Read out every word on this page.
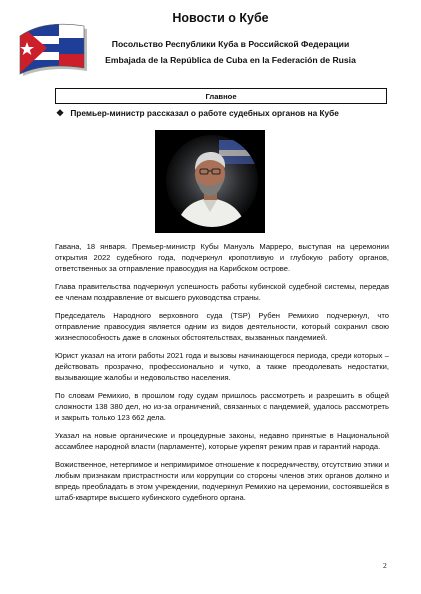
Новости о Кубе
Посольство Республики Куба в Российской Федерации
Embajada de la República de Cuba en la Federación de Rusia
Главное
❖ Премьер-министр рассказал о работе судебных органов на Кубе

Гавана, 18 января. Премьер-министр Кубы Мануэль Марреро, выступая на церемонии открытия 2022 судебного года, подчеркнул кропотливую и глубокую работу органов, ответственных за отправление правосудия на Карибском острове.

Глава правительства подчеркнул успешность работы кубинской судебной системы, передав ее членам поздравление от высшего руководства страны.

Председатель Народного верховного суда (TSP) Рубен Ремихио подчеркнул, что отправление правосудия является одним из видов деятельности, который сохранил свою жизнеспособность даже в сложных обстоятельствах, вызванных пандемией.

Юрист указал на итоги работы 2021 года и вызовы начинающегося периода, среди которых – действовать прозрачно, профессионально и чутко, а также преодолевать недостатки, вызывающие жалобы и недовольство населения.

По словам Ремихио, в прошлом году судам пришлось рассмотреть и разрешить в общей сложности 138 380 дел, но из-за ограничений, связанных с пандемией, удалось рассмотреть и закрыть только 123 662 дела.

Указал на новые органические и процедурные законы, недавно принятые в Национальной ассамблее народной власти (парламенте), которые укрепят режим прав и гарантий народа.

Вожиственное, нетерпимое и непримиримое отношение к посредничеству, отсутствию этики и любым признакам пристрастности или коррупции со стороны членов этих органов должно и впредь преобладать в этом учреждении, подчеркнул Ремихио на церемонии, состоявшейся в штаб-квартире высшего кубинского судебного органа.

2
